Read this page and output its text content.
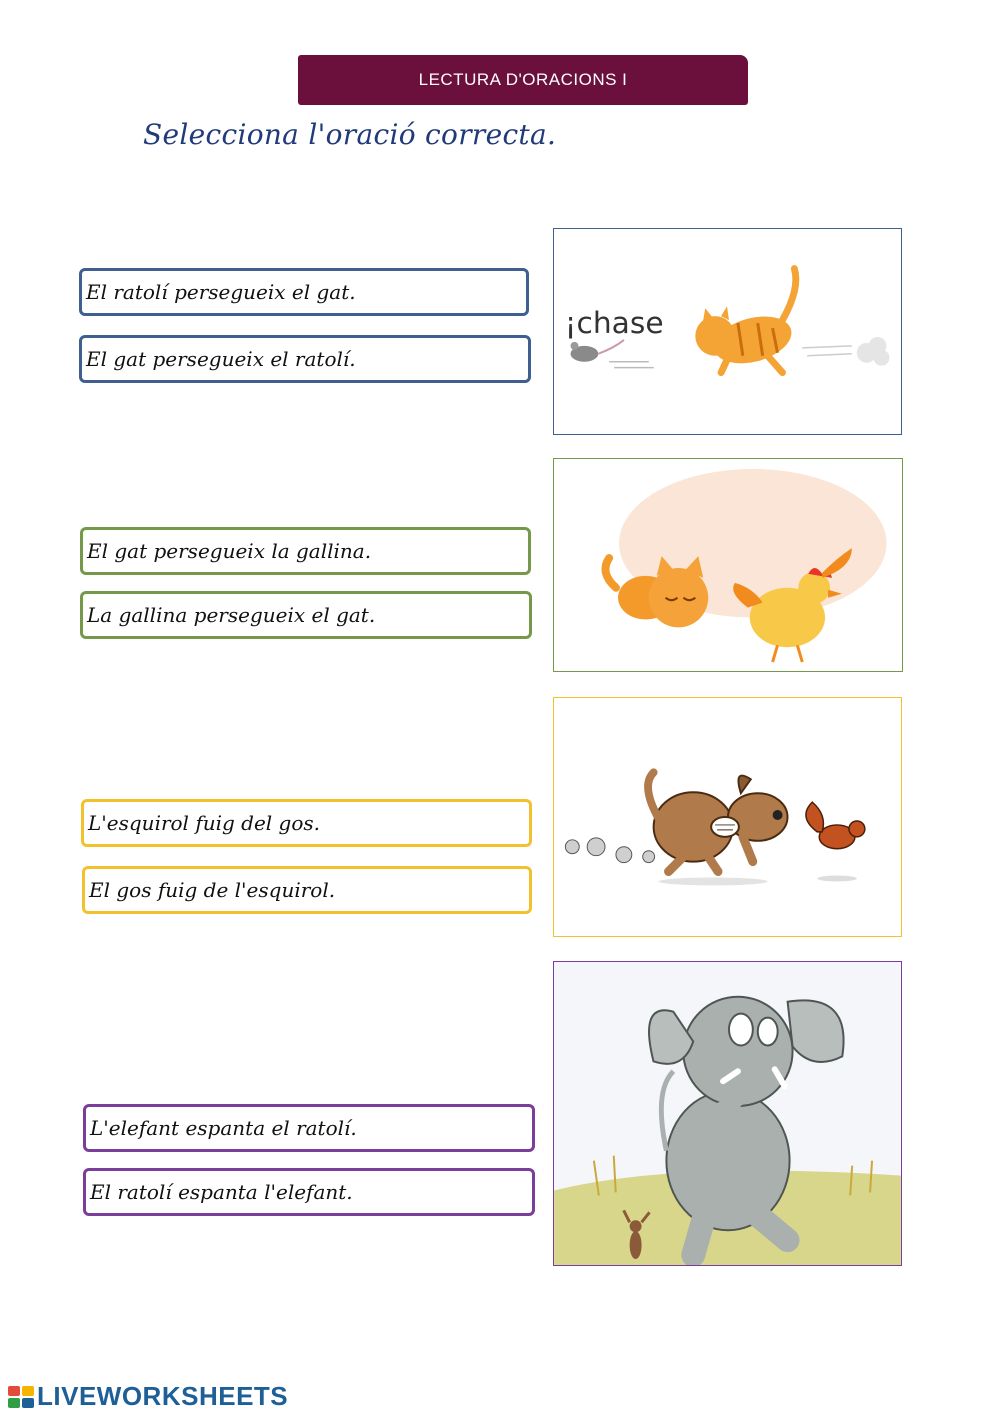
LECTURA D'ORACIONS I
Selecciona l'oració correcta.
El ratolí persegueix el gat.
El gat persegueix el ratolí.
¡chase
El gat persegueix la gallina.
La gallina persegueix el gat.
L'esquirol fuig del gos.
El gos fuig de l'esquirol.
L'elefant espanta el ratolí.
El ratolí espanta l'elefant.
LIVEWORKSHEETS
